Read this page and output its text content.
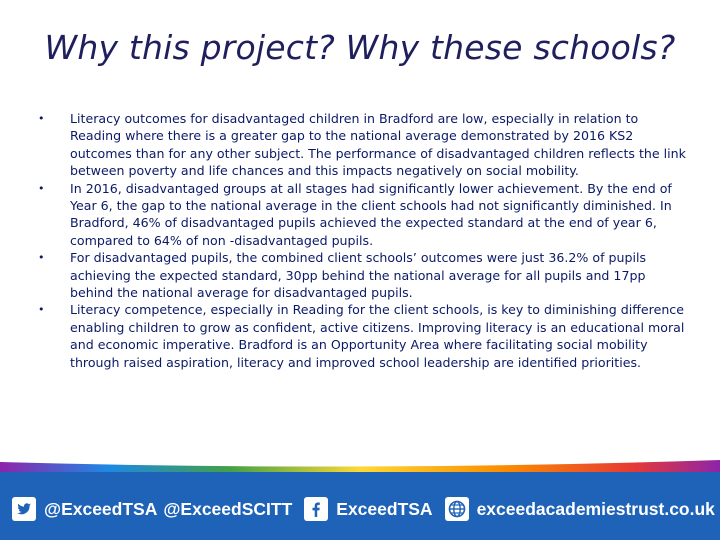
Why this project? Why these schools?
• Literacy outcomes for disadvantaged children in Bradford are low, especially in relation to Reading where there is a greater gap to the national average demonstrated by 2016 KS2 outcomes than for any other subject. The performance of disadvantaged children reflects the link between poverty and life chances and this impacts negatively on social mobility.
• In 2016, disadvantaged groups at all stages had significantly lower achievement. By the end of Year 6, the gap to the national average in the client schools had not significantly diminished. In Bradford, 46% of disadvantaged pupils achieved the expected standard at the end of year 6, compared to 64% of non -disadvantaged pupils.
• For disadvantaged pupils, the combined client schools’ outcomes were just 36.2% of pupils achieving the expected standard, 30pp behind the national average for all pupils and 17pp behind the national average for disadvantaged pupils.
• Literacy competence, especially in Reading for the client schools, is key to diminishing difference enabling children to grow as confident, active citizens. Improving literacy is an educational moral and economic imperative. Bradford is an Opportunity Area where facilitating social mobility through raised aspiration, literacy and improved school leadership are identified priorities.
@ExceedTSA @ExceedSCITT	ExceedTSA	exceedacademiestrust.co.uk
